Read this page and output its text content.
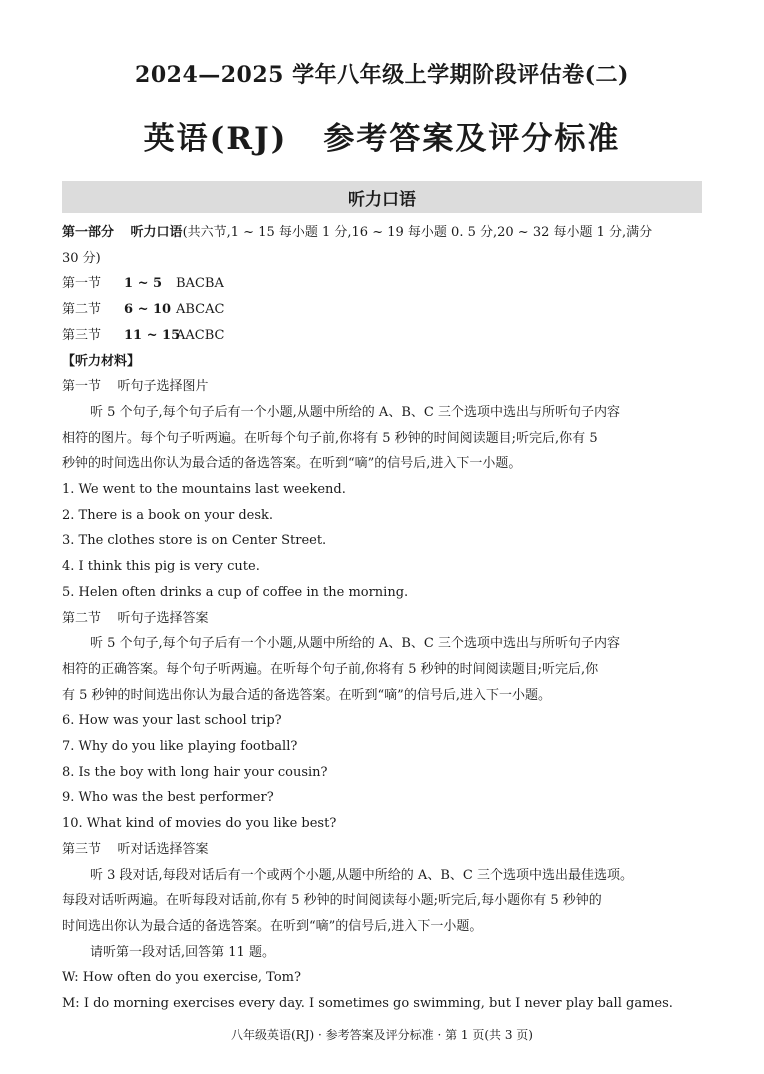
2024—2025 学年八年级上学期阶段评估卷(二)
英语(RJ) 参考答案及评分标准
听力口语
第一部分 听力口语(共六节,1 ~ 15 每小题 1 分,16 ~ 19 每小题 0. 5 分,20 ~ 32 每小题 1 分,满分
30 分)
第一节 1 ~ 5 BACBA
第二节 6 ~ 10 ABCAC
第三节 11 ~ 15AACBC
【听力材料】
第一节 听句子选择图片
听 5 个句子,每个句子后有一个小题,从题中所给的 A、B、C 三个选项中选出与所听句子内容
相符的图片。每个句子听两遍。在听每个句子前,你将有 5 秒钟的时间阅读题目;听完后,你有 5
秒钟的时间选出你认为最合适的备选答案。在听到“嘀”的信号后,进入下一小题。
1. We went to the mountains last weekend.
2. There is a book on your desk.
3. The clothes store is on Center Street.
4. I think this pig is very cute.
5. Helen often drinks a cup of coffee in the morning.
第二节 听句子选择答案
听 5 个句子,每个句子后有一个小题,从题中所给的 A、B、C 三个选项中选出与所听句子内容
相符的正确答案。每个句子听两遍。在听每个句子前,你将有 5 秒钟的时间阅读题目;听完后,你
有 5 秒钟的时间选出你认为最合适的备选答案。在听到“嘀”的信号后,进入下一小题。
6. How was your last school trip?
7. Why do you like playing football?
8. Is the boy with long hair your cousin?
9. Who was the best performer?
10. What kind of movies do you like best?
第三节 听对话选择答案
听 3 段对话,每段对话后有一个或两个小题,从题中所给的 A、B、C 三个选项中选出最佳选项。
每段对话听两遍。在听每段对话前,你有 5 秒钟的时间阅读每小题;听完后,每小题你有 5 秒钟的
时间选出你认为最合适的备选答案。在听到“嘀”的信号后,进入下一小题。
请听第一段对话,回答第 11 题。
W: How often do you exercise, Tom?
M: I do morning exercises every day. I sometimes go swimming, but I never play ball games.
八年级英语(RJ) · 参考答案及评分标准 · 第 1 页(共 3 页)
